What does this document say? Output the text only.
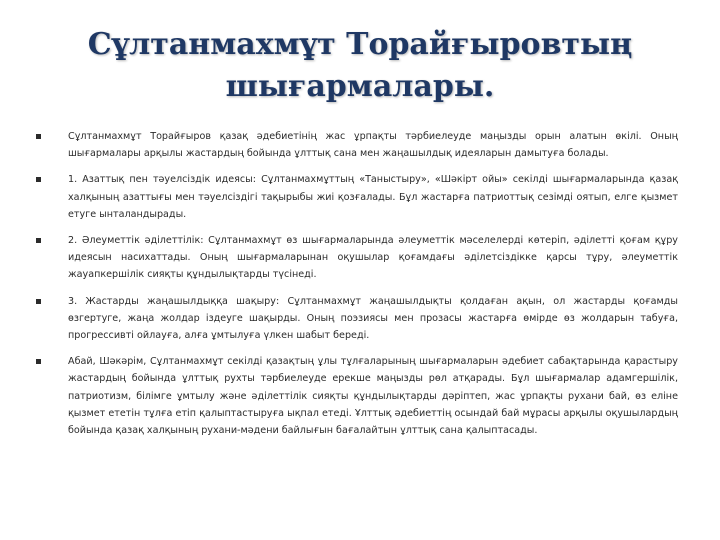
Сұлтанмахмұт Торайғыровтың
шығармалары.
Сұлтанмахмұт Торайғыров қазақ әдебиетінің жас ұрпақты тәрбиелеуде маңызды орын алатын өкілі. Оның шығармалары арқылы жастардың бойында ұлттық сана мен жаңашылдық идеяларын дамытуға болады.
1. Азаттық пен тәуелсіздік идеясы: Сұлтанмахмұттың «Таныстыру», «Шәкірт ойы» секілді шығармаларында қазақ халқының азаттығы мен тәуелсіздігі тақырыбы жиі қозғалады. Бұл жастарға патриоттық сезімді оятып, елге қызмет етуге ынталандырады.
2. Әлеуметтік әділеттілік: Сұлтанмахмұт өз шығармаларында әлеуметтік мәселелерді көтеріп, әділетті қоғам құру идеясын насихаттады. Оның шығармаларынан оқушылар қоғамдағы әділетсіздікке қарсы тұру, әлеуметтік жауапкершілік сияқты құндылықтарды түсінеді.
3. Жастарды жаңашылдыққа шақыру: Сұлтанмахмұт жаңашылдықты қолдаған ақын, ол жастарды қоғамды өзгертуге, жаңа жолдар іздеуге шақырды. Оның поэзиясы мен прозасы жастарға өмірде өз жолдарын табуға, прогрессивті ойлауға, алға ұмтылуға үлкен шабыт береді.
Абай, Шәкәрім, Сұлтанмахмұт секілді қазақтың ұлы тұлғаларының шығармаларын әдебиет сабақтарында қарастыру жастардың бойында ұлттық рухты тәрбиелеуде ерекше маңызды рөл атқарады. Бұл шығармалар адамгершілік, патриотизм, білімге ұмтылу және әділеттілік сияқты құндылықтарды дәріптеп, жас ұрпақты рухани бай, өз еліне қызмет ететін тұлға етіп қалыптастыруға ықпал етеді. Ұлттық әдебиеттің осындай бай мұрасы арқылы оқушылардың бойында қазақ халқының рухани-мәдени байлығын бағалайтын ұлттық сана қалыптасады.
